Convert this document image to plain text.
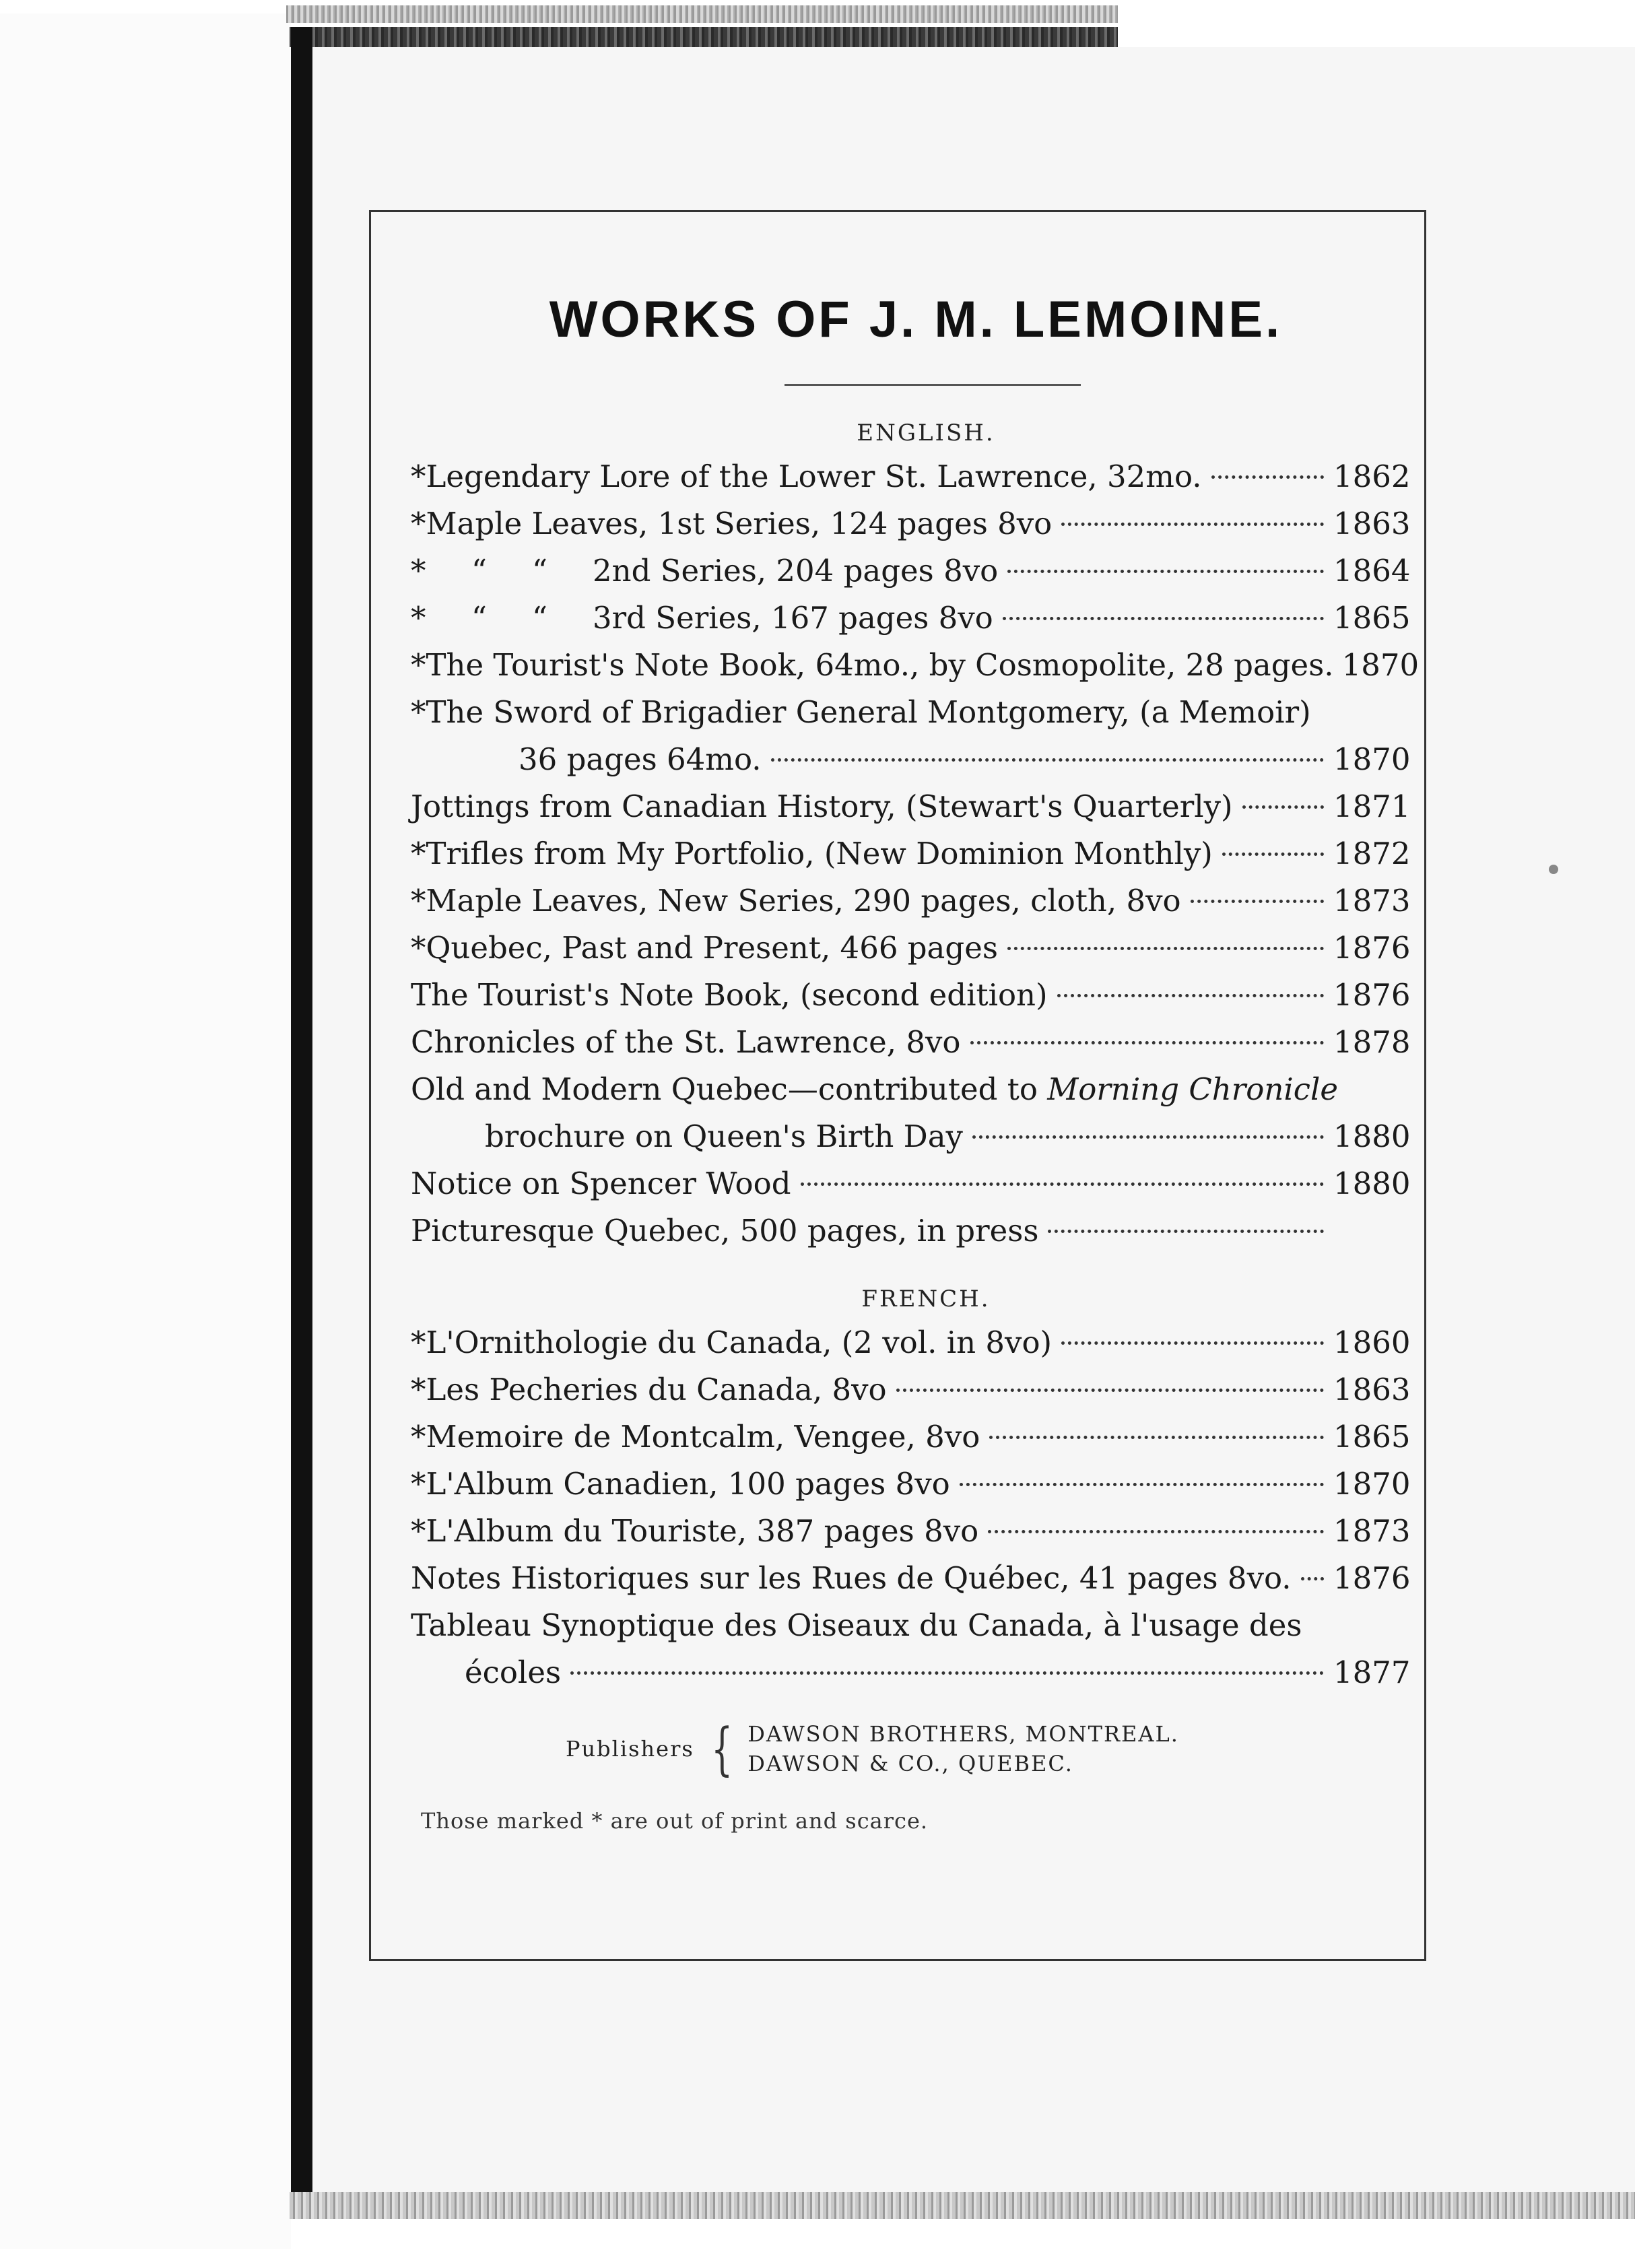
WORKS OF J. M. LEMOINE.
ENGLISH.
*Legendary Lore of the Lower St. Lawrence, 32mo.	1862
*Maple Leaves, 1st Series, 124 pages 8vo	1863
* “ “ 2nd Series, 204 pages 8vo	1864
* “ “ 3rd Series, 167 pages 8vo	1865
*The Tourist's Note Book, 64mo., by Cosmopolite, 28 pages. 1870
*The Sword of Brigadier General Montgomery, (a Memoir)
36 pages 64mo.	1870
Jottings from Canadian History, (Stewart's Quarterly)	1871
*Trifles from My Portfolio, (New Dominion Monthly)	1872
*Maple Leaves, New Series, 290 pages, cloth, 8vo	1873
*Quebec, Past and Present, 466 pages	1876
The Tourist's Note Book, (second edition)	1876
Chronicles of the St. Lawrence, 8vo	1878
Old and Modern Quebec—contributed to Morning Chronicle
brochure on Queen's Birth Day	1880
Notice on Spencer Wood	1880
Picturesque Quebec, 500 pages, in press
FRENCH.
*L'Ornithologie du Canada, (2 vol. in 8vo)	1860
*Les Pecheries du Canada, 8vo	1863
*Memoire de Montcalm, Vengee, 8vo	1865
*L'Album Canadien, 100 pages 8vo	1870
*L'Album du Touriste, 387 pages 8vo	1873
Notes Historiques sur les Rues de Québec, 41 pages 8vo. 1876
Tableau Synoptique des Oiseaux du Canada, à l'usage des
écoles	1877
Publishers { DAWSON BROTHERS, MONTREAL.
DAWSON & CO., QUEBEC.
Those marked * are out of print and scarce.
